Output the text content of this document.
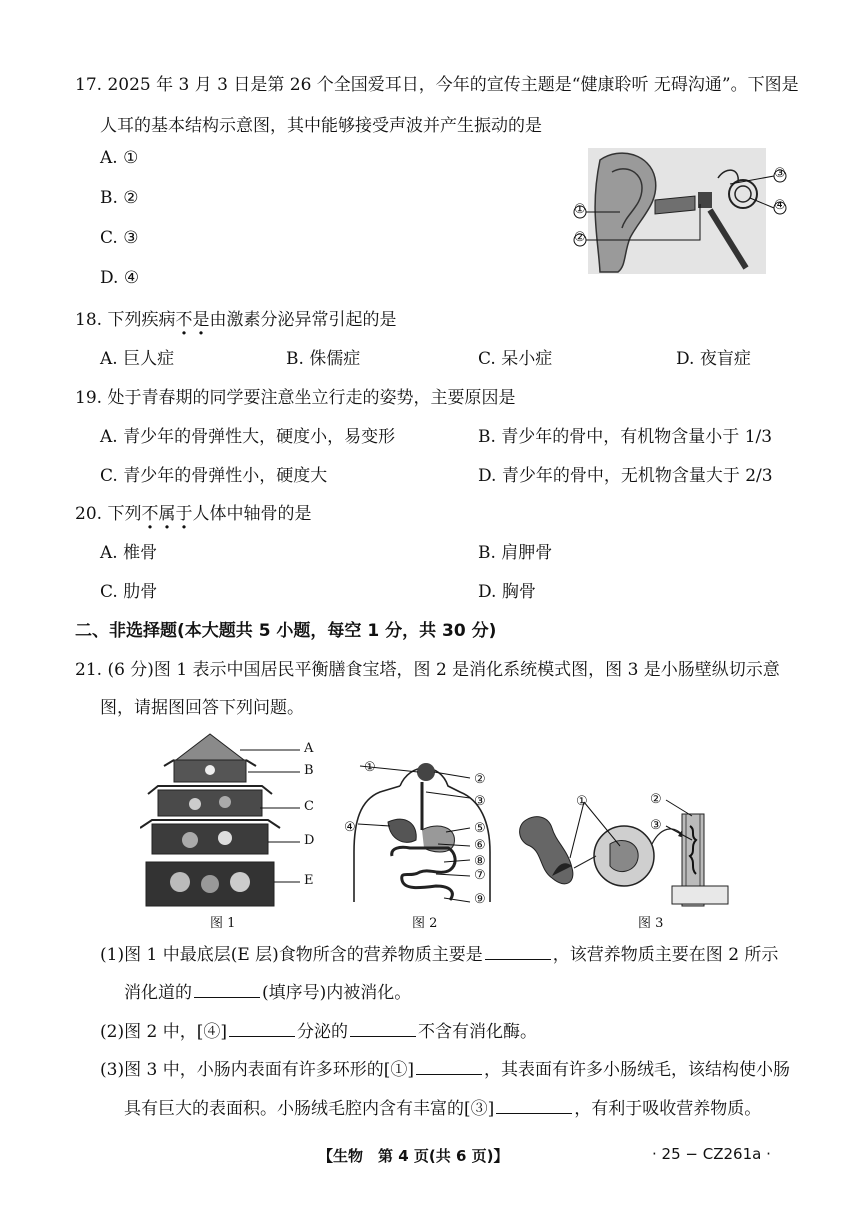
17. 2025 年 3 月 3 日是第 26 个全国爱耳日，今年的宣传主题是“健康聆听 无碍沟通”。下图是
人耳的基本结构示意图，其中能够接受声波并产生振动的是
A. ①
B. ②
C. ③
D. ④
①
②
③
④
18. 下列疾病不是由激素分泌异常引起的是
A. 巨人症	B. 侏儒症	C. 呆小症	D. 夜盲症
19. 处于青春期的同学要注意坐立行走的姿势，主要原因是
A. 青少年的骨弹性大，硬度小，易变形	B. 青少年的骨中，有机物含量小于 1/3
C. 青少年的骨弹性小，硬度大	D. 青少年的骨中，无机物含量大于 2/3
20. 下列不属于人体中轴骨的是
A. 椎骨	B. 肩胛骨
C. 肋骨	D. 胸骨
二、非选择题(本大题共 5 小题，每空 1 分，共 30 分)
21. (6 分)图 1 表示中国居民平衡膳食宝塔，图 2 是消化系统模式图，图 3 是小肠壁纵切示意
图，请据图回答下列问题。
A
B
C
D
E
图 1
①
②
③
④	⑤
⑥
⑧
⑦
⑨
图 2
①	②
③
图 3
(1)图 1 中最底层(E 层)食物所含的营养物质主要是	，该营养物质主要在图 2 所示
消化道的	(填序号)内被消化。
(2)图 2 中，[④]	分泌的	不含有消化酶。
(3)图 3 中，小肠内表面有许多环形的[①]	，其表面有许多小肠绒毛，该结构使小肠
具有巨大的表面积。小肠绒毛腔内含有丰富的[③]	，有利于吸收营养物质。
【生物　第 4 页(共 6 页)】	· 25 − CZ261a ·
